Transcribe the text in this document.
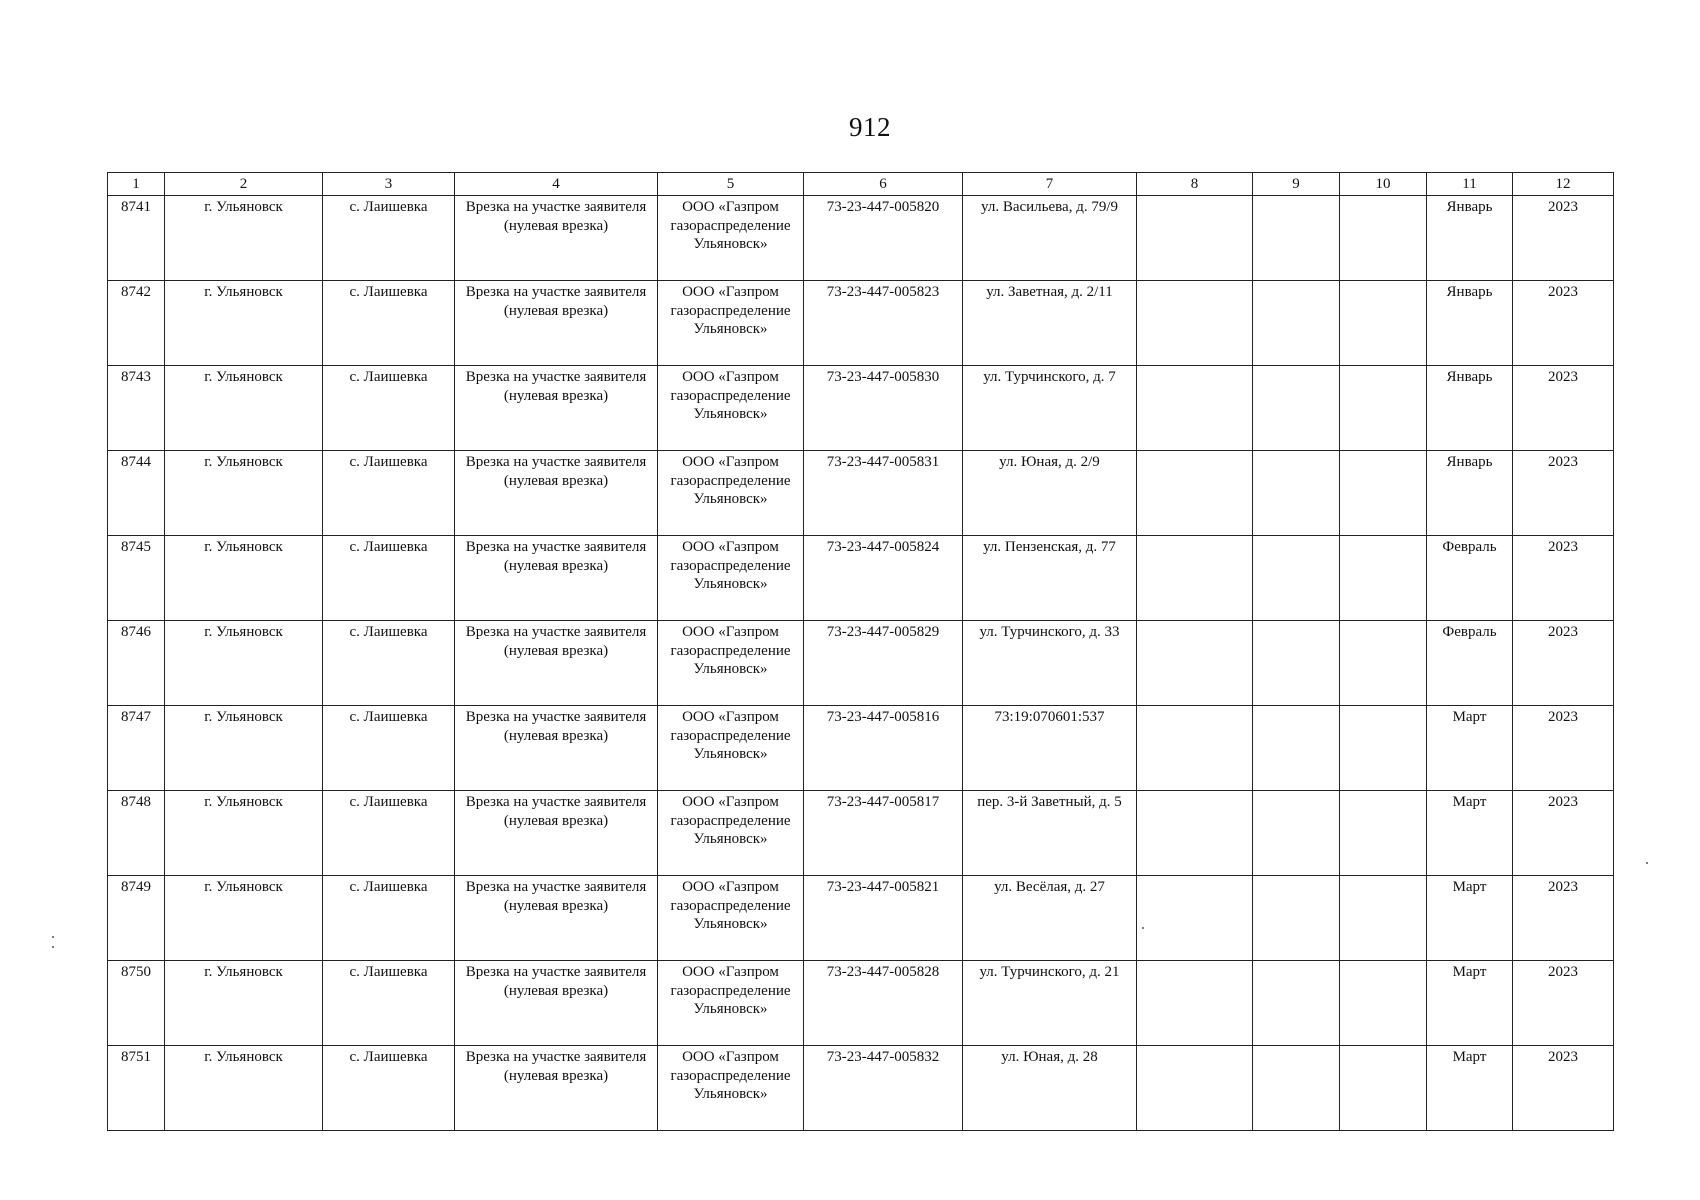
912
1	2	3	4	5	6	7	8	9	10	11	12
8741	г. Ульяновск	с. Лаишевка	Врезка на участке заявителя (нулевая врезка)	ООО «Газпром газораспределение Ульяновск»	73-23-447-005820	ул. Васильева, д. 79/9				Январь	2023
8742	г. Ульяновск	с. Лаишевка	Врезка на участке заявителя (нулевая врезка)	ООО «Газпром газораспределение Ульяновск»	73-23-447-005823	ул. Заветная, д. 2/11				Январь	2023
8743	г. Ульяновск	с. Лаишевка	Врезка на участке заявителя (нулевая врезка)	ООО «Газпром газораспределение Ульяновск»	73-23-447-005830	ул. Турчинского, д. 7				Январь	2023
8744	г. Ульяновск	с. Лаишевка	Врезка на участке заявителя (нулевая врезка)	ООО «Газпром газораспределение Ульяновск»	73-23-447-005831	ул. Юная, д. 2/9				Январь	2023
8745	г. Ульяновск	с. Лаишевка	Врезка на участке заявителя (нулевая врезка)	ООО «Газпром газораспределение Ульяновск»	73-23-447-005824	ул. Пензенская, д. 77				Февраль	2023
8746	г. Ульяновск	с. Лаишевка	Врезка на участке заявителя (нулевая врезка)	ООО «Газпром газораспределение Ульяновск»	73-23-447-005829	ул. Турчинского, д. 33				Февраль	2023
8747	г. Ульяновск	с. Лаишевка	Врезка на участке заявителя (нулевая врезка)	ООО «Газпром газораспределение Ульяновск»	73-23-447-005816	73:19:070601:537				Март	2023
8748	г. Ульяновск	с. Лаишевка	Врезка на участке заявителя (нулевая врезка)	ООО «Газпром газораспределение Ульяновск»	73-23-447-005817	пер. 3-й Заветный, д. 5				Март	2023
8749	г. Ульяновск	с. Лаишевка	Врезка на участке заявителя (нулевая врезка)	ООО «Газпром газораспределение Ульяновск»	73-23-447-005821	ул. Весёлая, д. 27				Март	2023
8750	г. Ульяновск	с. Лаишевка	Врезка на участке заявителя (нулевая врезка)	ООО «Газпром газораспределение Ульяновск»	73-23-447-005828	ул. Турчинского, д. 21				Март	2023
8751	г. Ульяновск	с. Лаишевка	Врезка на участке заявителя (нулевая врезка)	ООО «Газпром газораспределение Ульяновск»	73-23-447-005832	ул. Юная, д. 28				Март	2023
